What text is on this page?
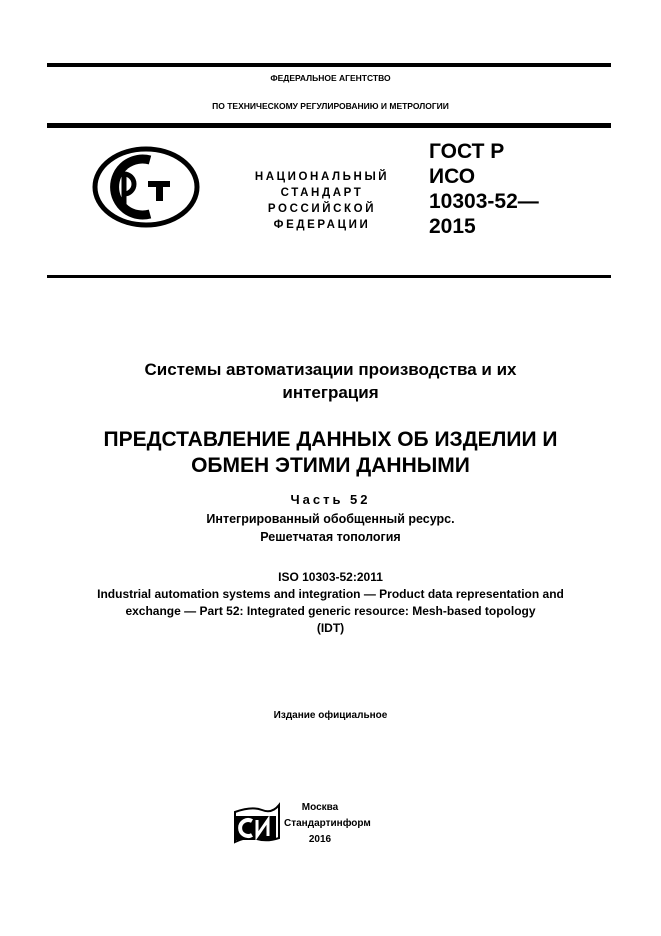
ФЕДЕРАЛЬНОЕ АГЕНТСТВО
ПО ТЕХНИЧЕСКОМУ РЕГУЛИРОВАНИЮ И МЕТРОЛОГИИ
НАЦИОНАЛЬНЫЙ
СТАНДАРТ
РОССИЙСКОЙ
ФЕДЕРАЦИИ
ГОСТ Р
ИСО
10303-52—
2015
Системы автоматизации производства и их
интеграция
ПРЕДСТАВЛЕНИЕ ДАННЫХ ОБ ИЗДЕЛИИ И
ОБМЕН ЭТИМИ ДАННЫМИ
Часть 52
Интегрированный обобщенный ресурс.
Решетчатая топология
ISO 10303-52:2011
Industrial automation systems and integration — Product data representation and
exchange — Part 52: Integrated generic resource: Mesh-based topology
(IDT)
Издание официальное
Москва
Стандартинформ
2016
